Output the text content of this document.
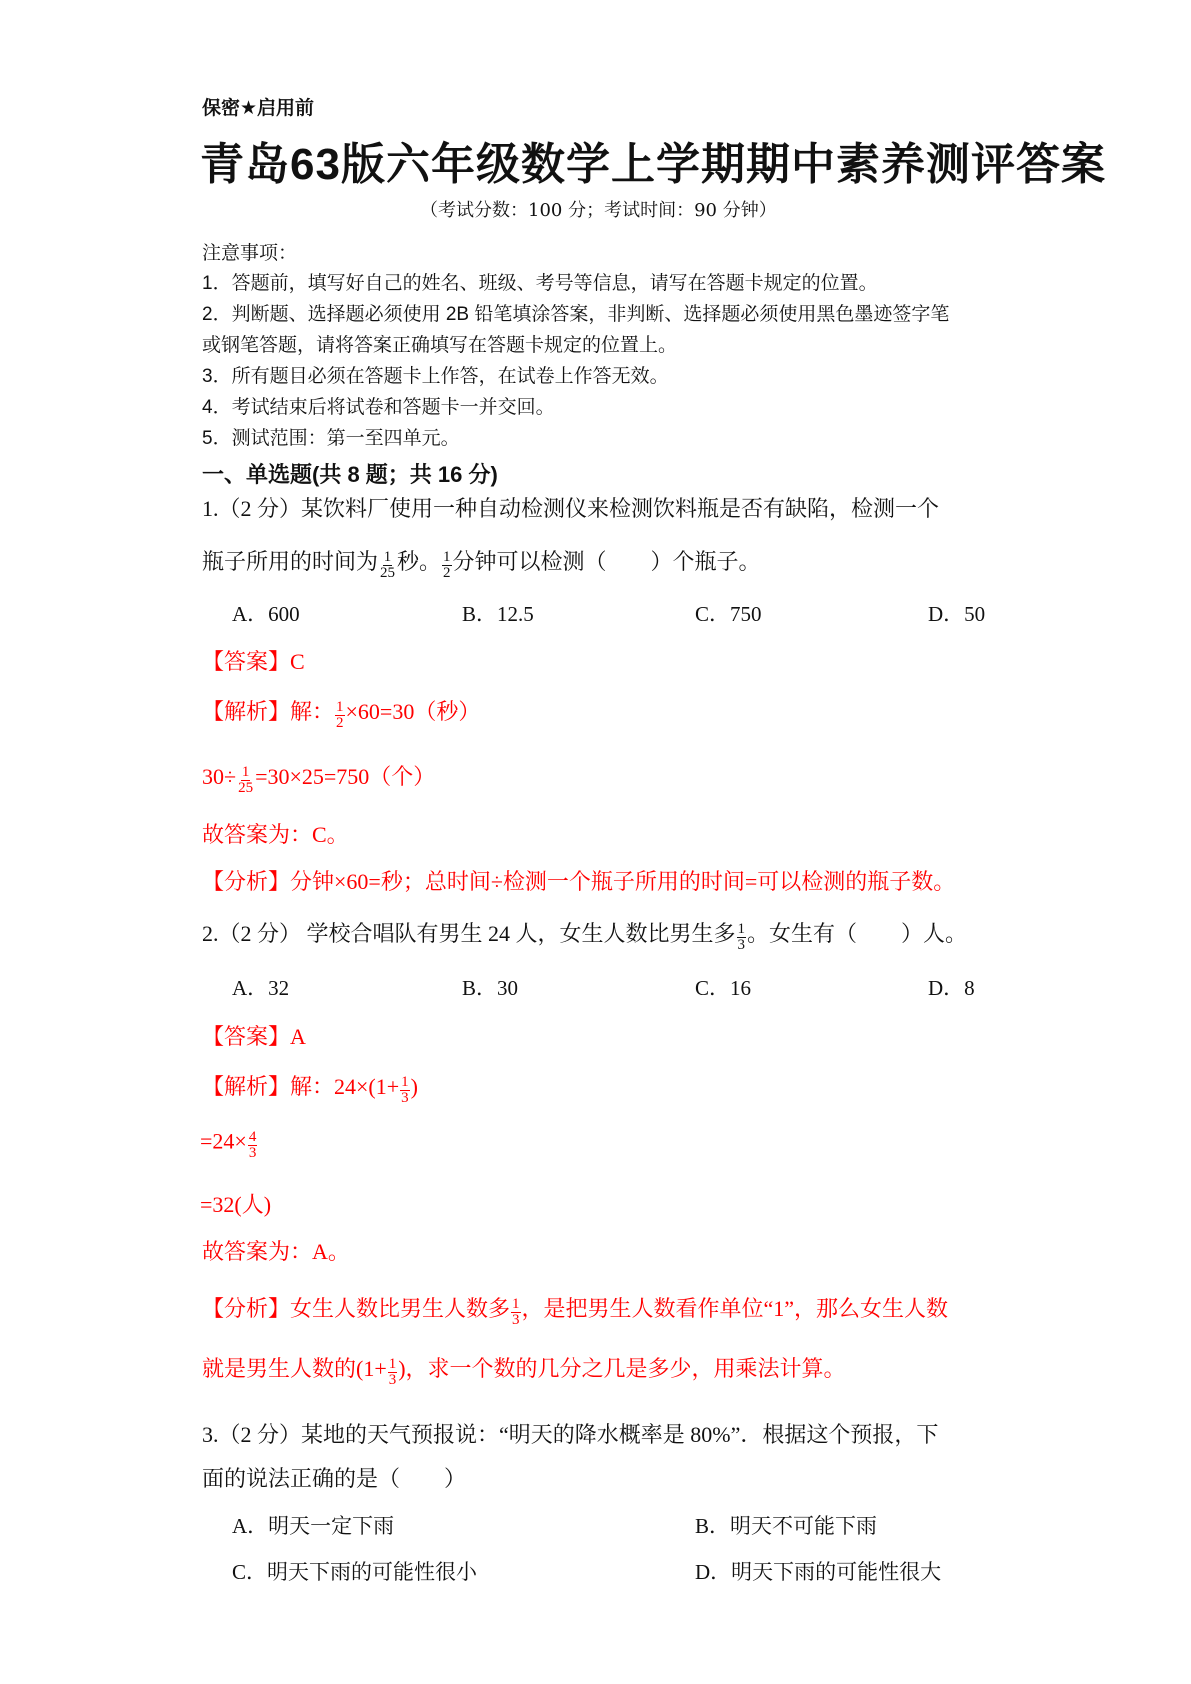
保密★启用前
青岛63版六年级数学上学期期中素养测评答案
（考试分数：100 分；考试时间：90 分钟）
注意事项：
1．答题前，填写好自己的姓名、班级、考号等信息，请写在答题卡规定的位置。
2．判断题、选择题必须使用 2B 铅笔填涂答案，非判断、选择题必须使用黑色墨迹签字笔
或钢笔答题，请将答案正确填写在答题卡规定的位置上。
3．所有题目必须在答题卡上作答，在试卷上作答无效。
4．考试结束后将试卷和答题卡一并交回。
5．测试范围：第一至四单元。
一、单选题(共 8 题；共 16 分)
1.（2 分）某饮料厂使用一种自动检测仪来检测饮料瓶是否有缺陷，检测一个
瓶子所用的时间为 $\frac{1}{25}$ 秒。 $\frac{1}{2}$ 分钟可以检测（　　）个瓶子。
A．600	B．12.5	C．750	D．50
【答案】C
【解析】解： $\frac{1}{2} \times 60=30$（秒）
$30\div \frac{1}{25} =30\times 25=750$（个）
故答案为：C。
【分析】分钟×60=秒；总时间÷检测一个瓶子所用的时间=可以检测的瓶子数。
2.（2 分） 学校合唱队有男生 24 人，女生人数比男生多 $\frac{1}{3}$ 。女生有（　　）人。
A．32	B．30	C．16	D．8
【答案】A
【解析】解：$24\times(1+ \frac{1}{3}$ )
$=24\times \frac{4}{3}$
=32(人)
故答案为：A。
【分析】女生人数比男生人数多 $\frac{1}{3}$ ，是把男生人数看作单位“1”，那么女生人数
就是男生人数的($1+ \frac{1}{3}$ )，求一个数的几分之几是多少，用乘法计算。
3.（2 分）某地的天气预报说：“明天的降水概率是 80%”．根据这个预报，下
面的说法正确的是（　　）
A．明天一定下雨	B．明天不可能下雨
C．明天下雨的可能性很小	D．明天下雨的可能性很大
